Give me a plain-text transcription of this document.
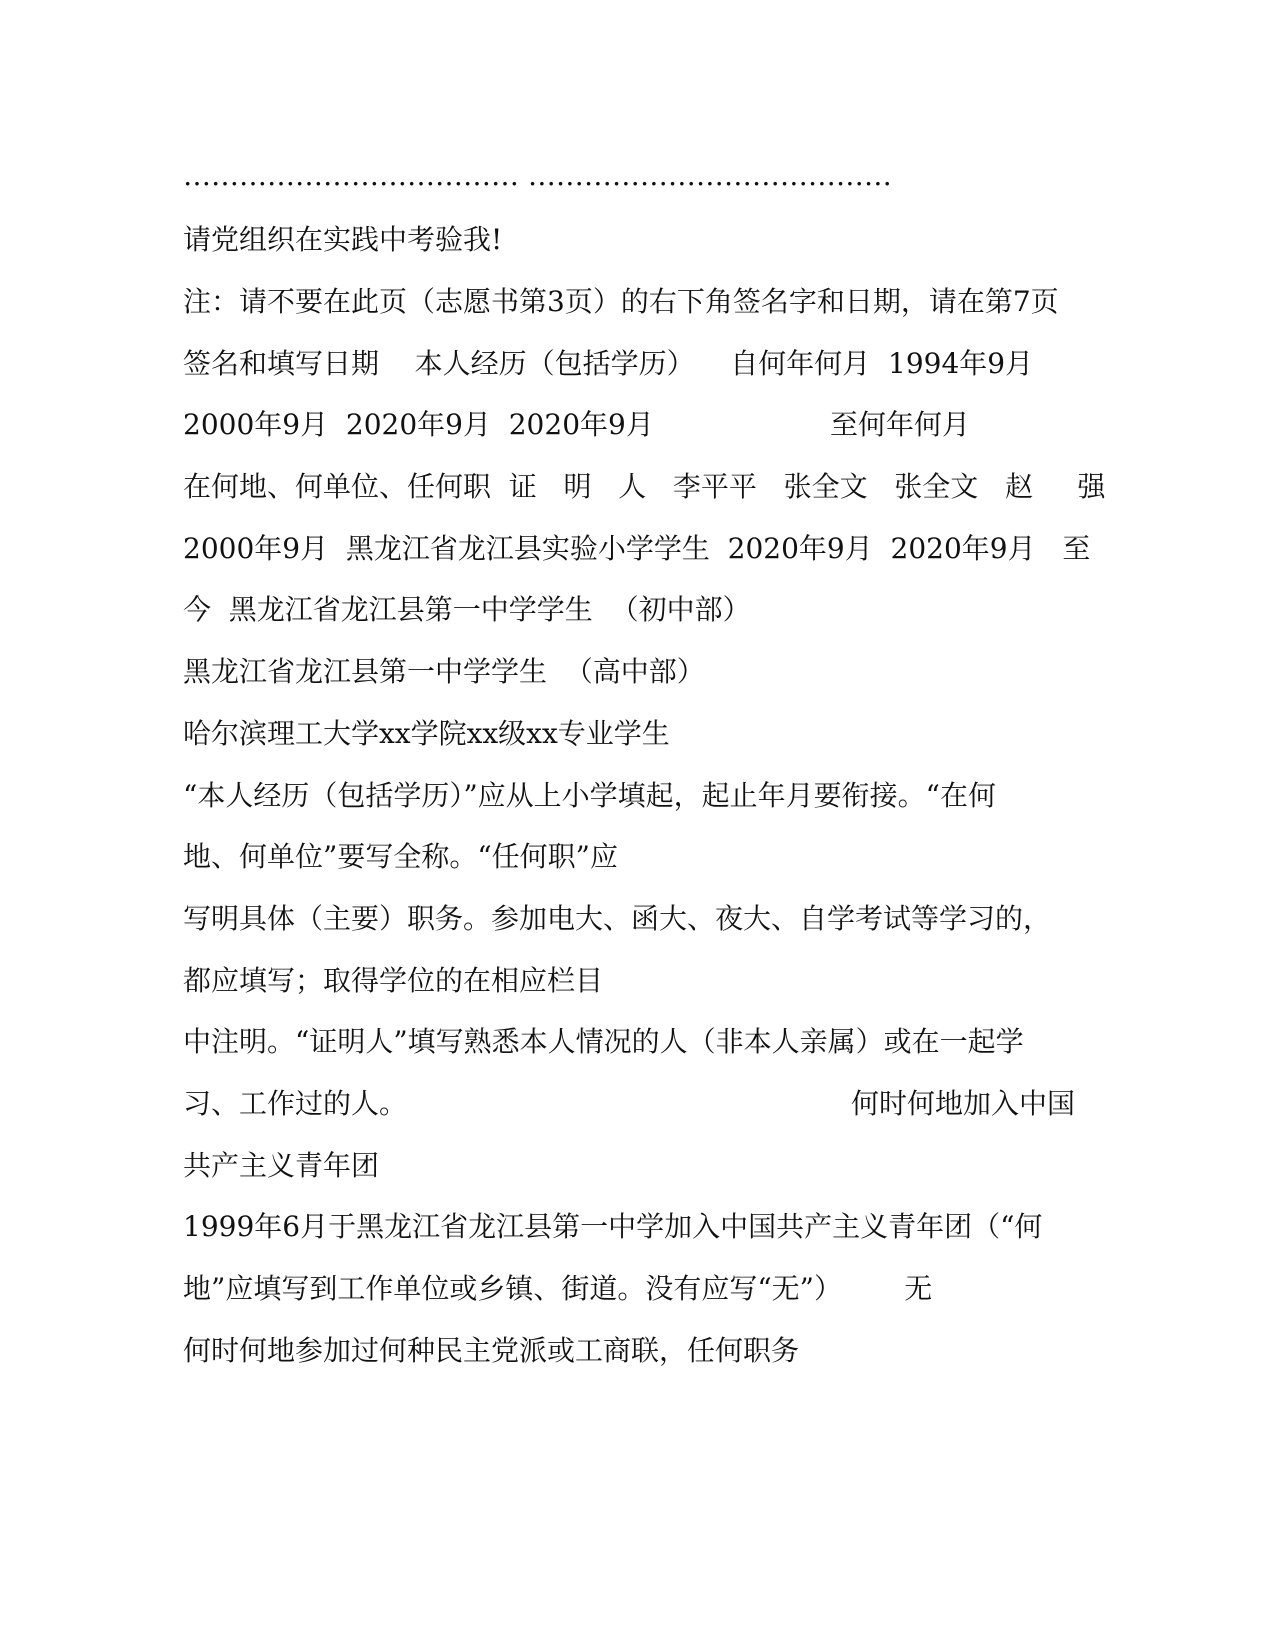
……………………………… …………………………………
请党组织在实践中考验我!
注：请不要在此页（志愿书第3页）的右下角签名字和日期，请在第7页
签名和填写日期    本人经历（包括学历）    自何年何月  1994年9月
2000年9月  2020年9月  2020年9月	至何年何月
在何地、何单位、任何职  证   明   人   李平平   张全文   张全文   赵     强
2000年9月  黑龙江省龙江县实验小学学生  2020年9月  2020年9月   至
今  黑龙江省龙江县第一中学学生  （初中部）
黑龙江省龙江县第一中学学生  （高中部）
哈尔滨理工大学xx学院xx级xx专业学生
“本人经历（包括学历）”应从上小学填起，起止年月要衔接。“在何
地、何单位”要写全称。“任何职”应
写明具体（主要）职务。参加电大、函大、夜大、自学考试等学习的，
都应填写；取得学位的在相应栏目
中注明。“证明人”填写熟悉本人情况的人（非本人亲属）或在一起学
习、工作过的人。	何时何地加入中国
共产主义青年团
1999年6月于黑龙江省龙江县第一中学加入中国共产主义青年团（“何
地”应填写到工作单位或乡镇、街道。没有应写“无”）       无
何时何地参加过何种民主党派或工商联，任何职务
